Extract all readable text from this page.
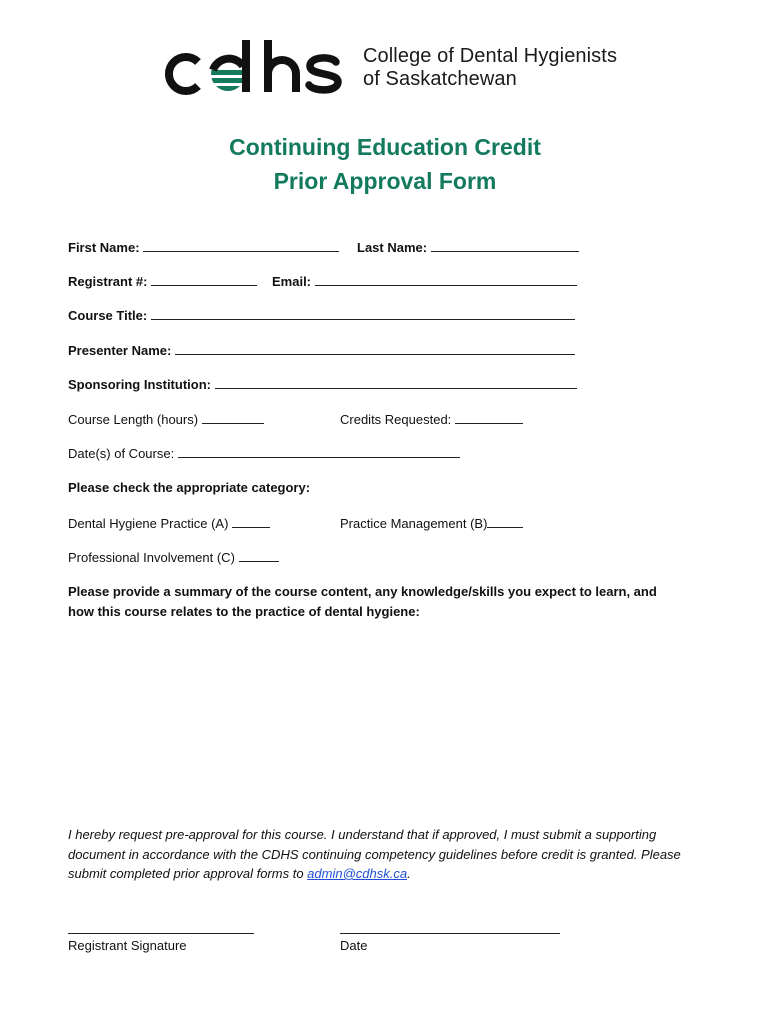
College of Dental Hygienists
of Saskatchewan
Continuing Education Credit
Prior Approval Form
First Name:	Last Name:
Registrant #:	Email:
Course Title:
Presenter Name:
Sponsoring Institution:
Course Length (hours)	Credits Requested:
Date(s) of Course:
Please check the appropriate category:
Dental Hygiene Practice (A)	Practice Management (B)
Professional Involvement (C)
Please provide a summary of the course content, any knowledge/skills you expect to learn, and
how this course relates to the practice of dental hygiene:
I hereby request pre-approval for this course. I understand that if approved, I must submit a supporting
document in accordance with the CDHS continuing competency guidelines before credit is granted. Please
submit completed prior approval forms to admin@cdhsk.ca.
Registrant Signature	Date
